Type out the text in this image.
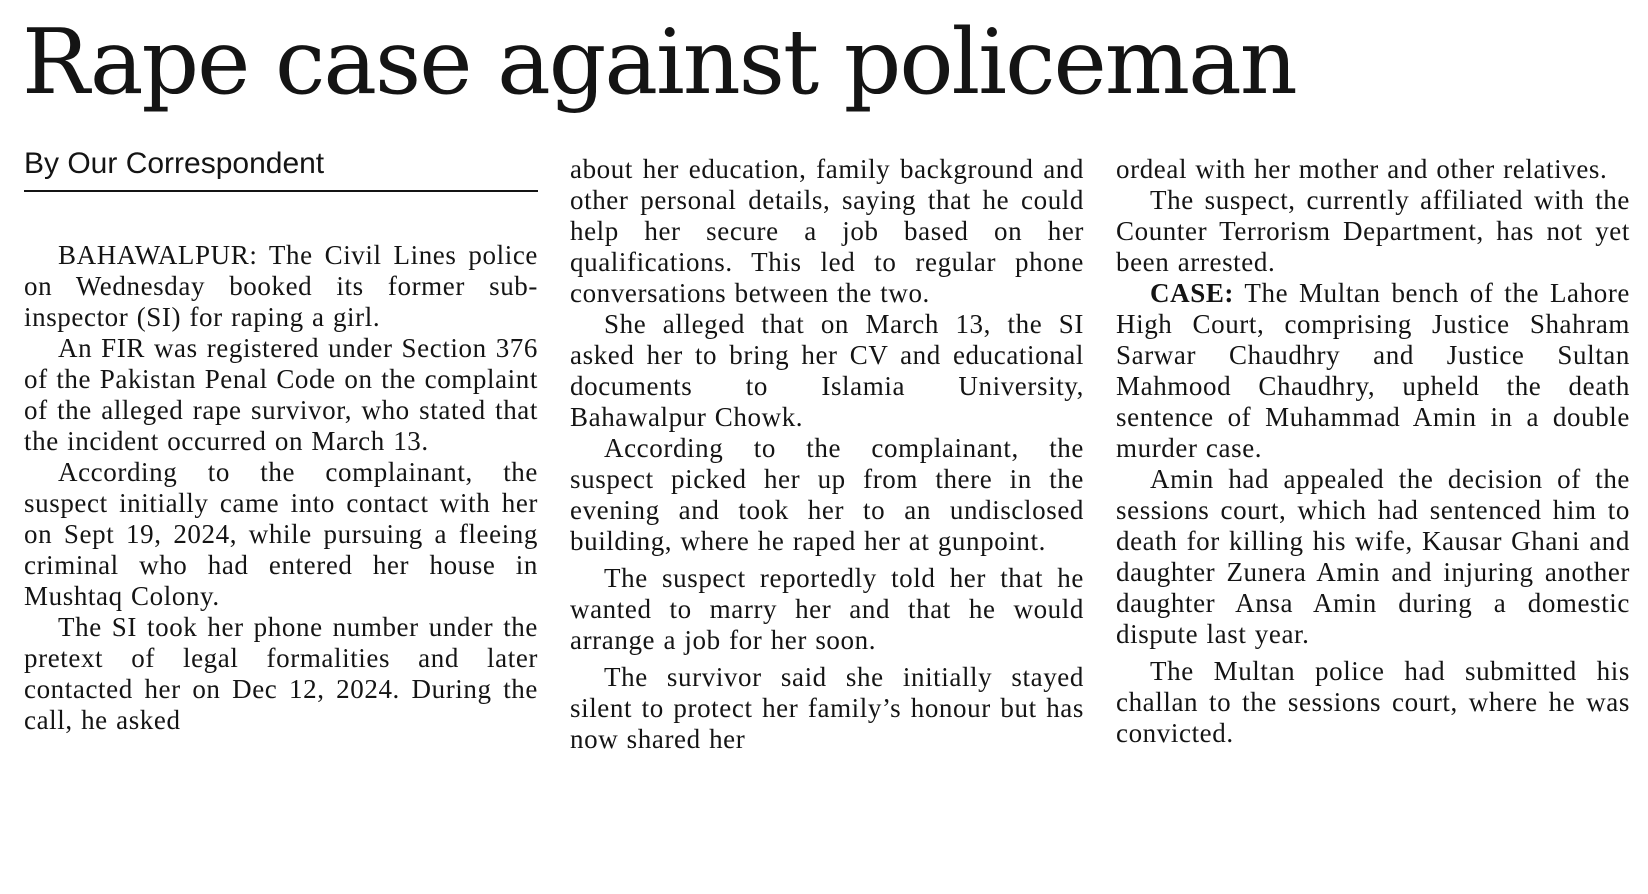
Rape case against policeman
By Our Correspondent

BAHAWALPUR: The Civil Lines police on Wednesday booked its former sub-inspector (SI) for raping a girl.

An FIR was registered under Section 376 of the Pakistan Penal Code on the complaint of the alleged rape survivor, who stated that the incident occurred on March 13.

According to the complainant, the suspect initially came into contact with her on Sept 19, 2024, while pursuing a fleeing criminal who had entered her house in Mushtaq Colony.

The SI took her phone number under the pretext of legal formalities and later contacted her on Dec 12, 2024. During the call, he asked

about her education, family background and other personal details, saying that he could help her secure a job based on her qualifications. This led to regular phone conversations between the two.

She alleged that on March 13, the SI asked her to bring her CV and educational documents to Islamia University, Bahawalpur Chowk.

According to the complainant, the suspect picked her up from there in the evening and took her to an undisclosed building, where he raped her at gunpoint.

The suspect reportedly told her that he wanted to marry her and that he would arrange a job for her soon.

The survivor said she initially stayed silent to protect her family’s honour but has now shared her

ordeal with her mother and other relatives.

The suspect, currently affiliated with the Counter Terrorism Department, has not yet been arrested.

CASE: The Multan bench of the Lahore High Court, comprising Justice Shahram Sarwar Chaudhry and Justice Sultan Mahmood Chaudhry, upheld the death sentence of Muhammad Amin in a double murder case.

Amin had appealed the decision of the sessions court, which had sentenced him to death for killing his wife, Kausar Ghani and daughter Zunera Amin and injuring another daughter Ansa Amin during a domestic dispute last year.

The Multan police had submitted his challan to the sessions court, where he was convicted.
